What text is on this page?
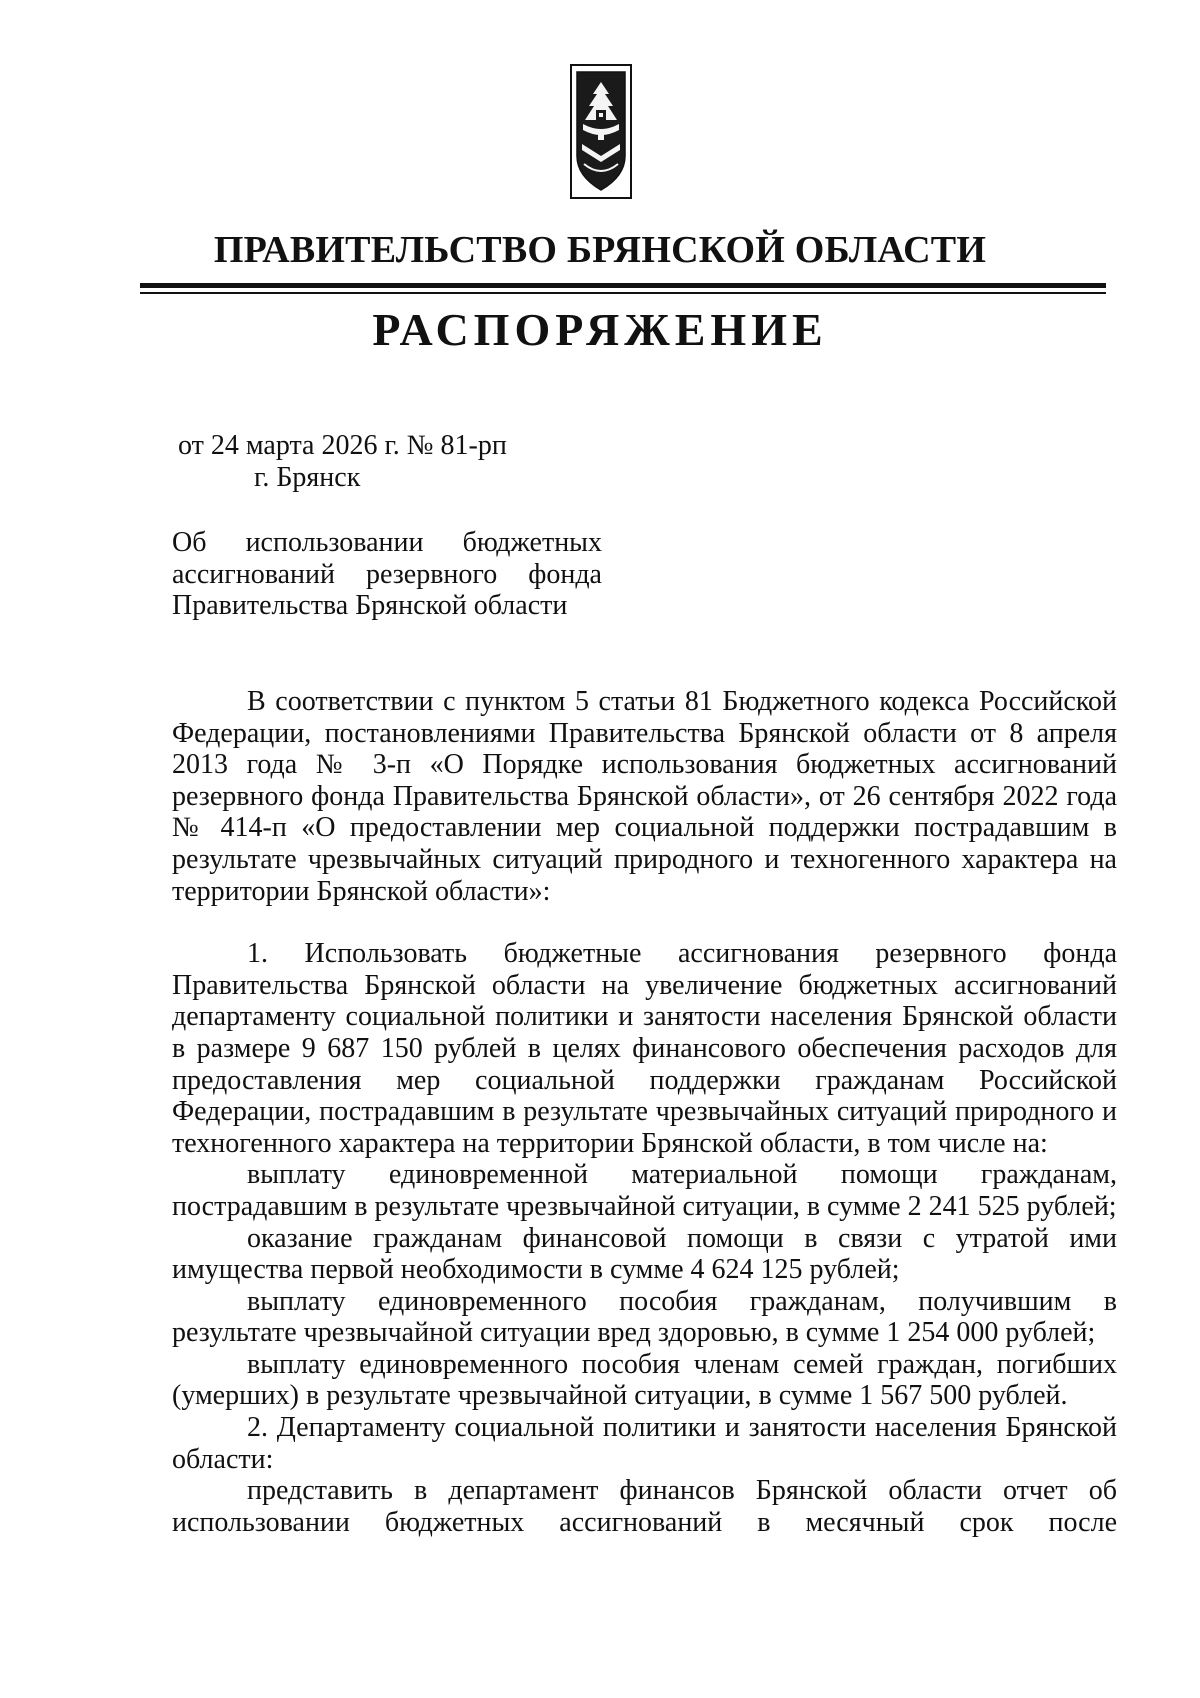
ПРАВИТЕЛЬСТВО БРЯНСКОЙ ОБЛАСТИ
РАСПОРЯЖЕНИЕ
от 24 марта 2026 г. № 81-рп
г. Брянск
Об использовании бюджетных ассигнований резервного фонда Правительства Брянской области

В соответствии с пунктом 5 статьи 81 Бюджетного кодекса Российской Федерации, постановлениями Правительства Брянской области от 8 апреля 2013 года № 3-п «О Порядке использования бюджетных ассигнований резервного фонда Правительства Брянской области», от 26 сентября 2022 года № 414-п «О предоставлении мер социальной поддержки пострадавшим в результате чрезвычайных ситуаций природного и техногенного характера на территории Брянской области»:

1. Использовать бюджетные ассигнования резервного фонда Правительства Брянской области на увеличение бюджетных ассигнований департаменту социальной политики и занятости населения Брянской области в размере 9 687 150 рублей в целях финансового обеспечения расходов для предоставления мер социальной поддержки гражданам Российской Федерации, пострадавшим в результате чрезвычайных ситуаций природного и техногенного характера на территории Брянской области, в том числе на:

выплату единовременной материальной помощи гражданам, пострадавшим в результате чрезвычайной ситуации, в сумме 2 241 525 рублей;

оказание гражданам финансовой помощи в связи с утратой ими имущества первой необходимости в сумме 4 624 125 рублей;

выплату единовременного пособия гражданам, получившим в результате чрезвычайной ситуации вред здоровью, в сумме 1 254 000 рублей;

выплату единовременного пособия членам семей граждан, погибших (умерших) в результате чрезвычайной ситуации, в сумме 1 567 500 рублей.

2. Департаменту социальной политики и занятости населения Брянской области:

представить в департамент финансов Брянской области отчет об использовании бюджетных ассигнований в месячный срок после
